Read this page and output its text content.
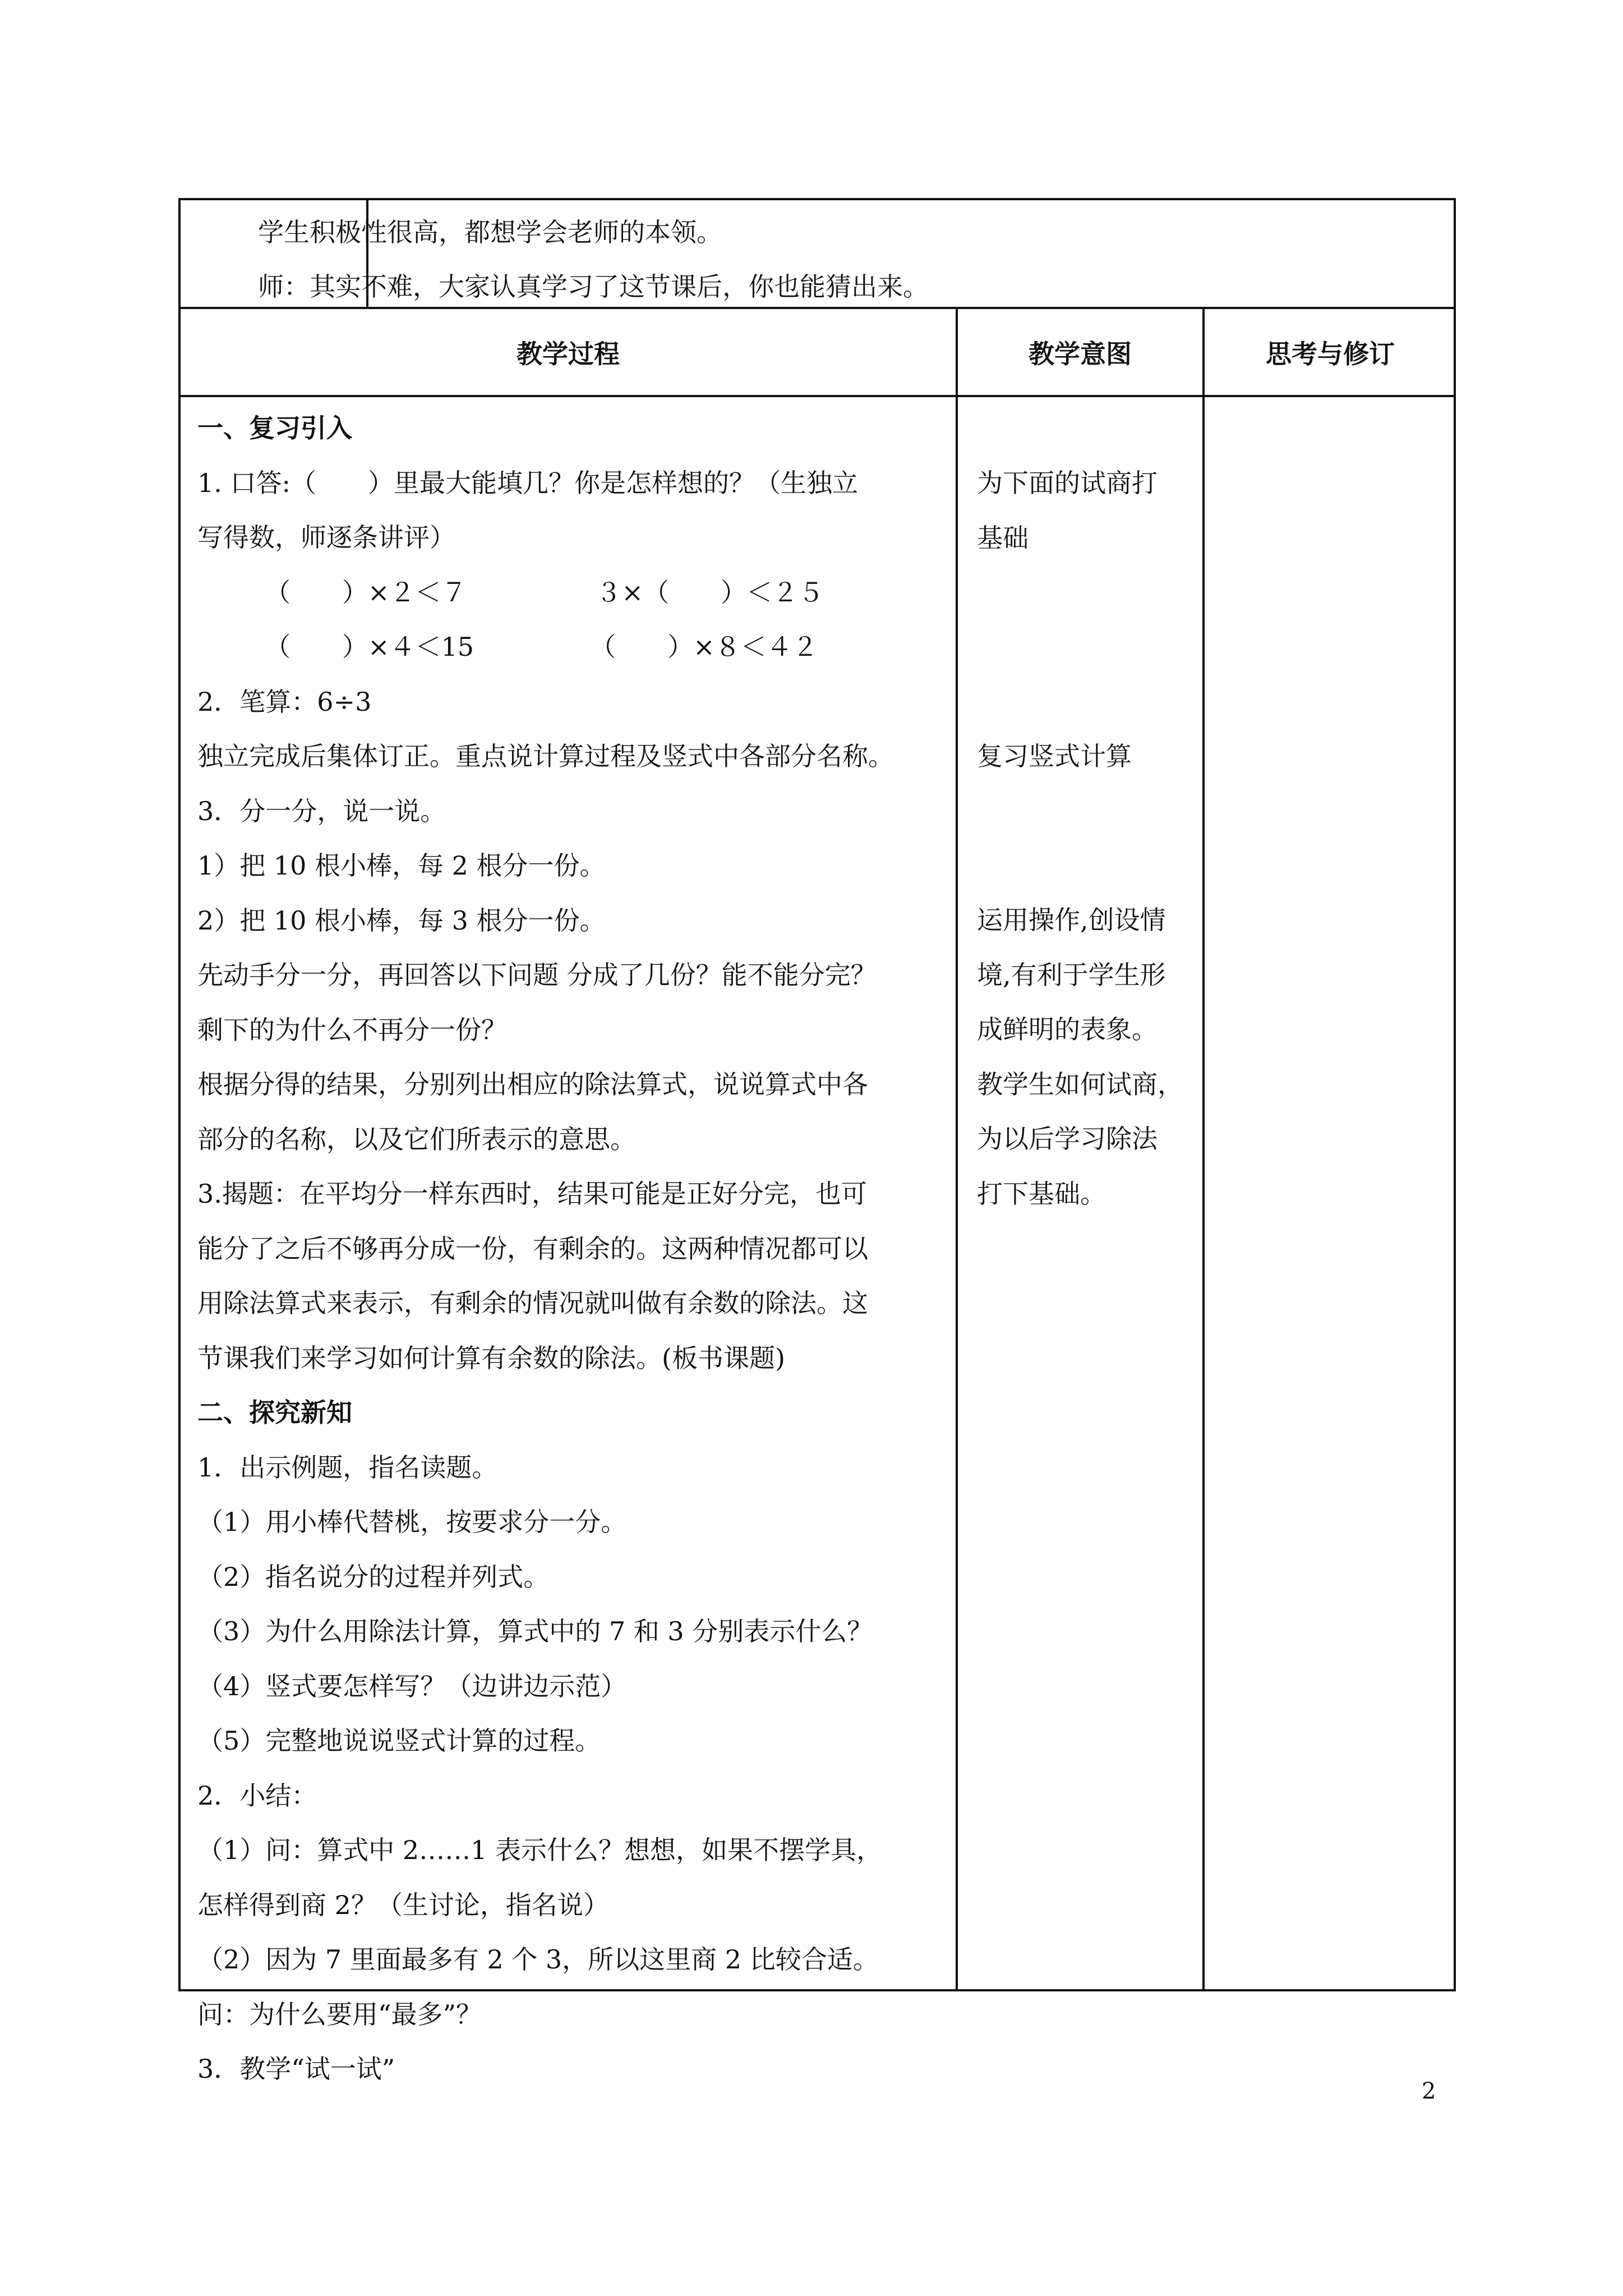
学生积极性很高，都想学会老师的本领。
师：其实不难，大家认真学习了这节课后，你也能猜出来。
教学过程	教学意图	思考与修订
一、复习引入
1. 口答:（　　）里最大能填几？你是怎样想的？（生独立
写得数，师逐条讲评）
（　　）×２＜７　　　　　３×（　　）＜２５
（　　）×４＜15　　　　　（　　）×８＜４２
2．笔算：6÷3
独立完成后集体订正。重点说计算过程及竖式中各部分名称。
3．分一分，说一说。
1）把 10 根小棒，每 2 根分一份。
2）把 10 根小棒，每 3 根分一份。
先动手分一分，再回答以下问题 分成了几份？能不能分完？
剩下的为什么不再分一份？
根据分得的结果，分别列出相应的除法算式，说说算式中各
部分的名称，以及它们所表示的意思。
3.揭题：在平均分一样东西时，结果可能是正好分完，也可
能分了之后不够再分成一份，有剩余的。这两种情况都可以
用除法算式来表示，有剩余的情况就叫做有余数的除法。这
节课我们来学习如何计算有余数的除法。(板书课题)
二、探究新知
1．出示例题，指名读题。
（1）用小棒代替桃，按要求分一分。
（2）指名说分的过程并列式。
（3）为什么用除法计算，算式中的 7 和 3 分别表示什么？
（4）竖式要怎样写？（边讲边示范）
（5）完整地说说竖式计算的过程。
2．小结：
（1）问：算式中 2……1 表示什么？想想，如果不摆学具，
怎样得到商 2？（生讨论，指名说）
（2）因为 7 里面最多有 2 个 3，所以这里商 2 比较合适。
问：为什么要用“最多”？
3．教学“试一试”
为下面的试商打
基础
复习竖式计算
运用操作,创设情
境,有利于学生形
成鲜明的表象。
教学生如何试商，
为以后学习除法
打下基础。
2
